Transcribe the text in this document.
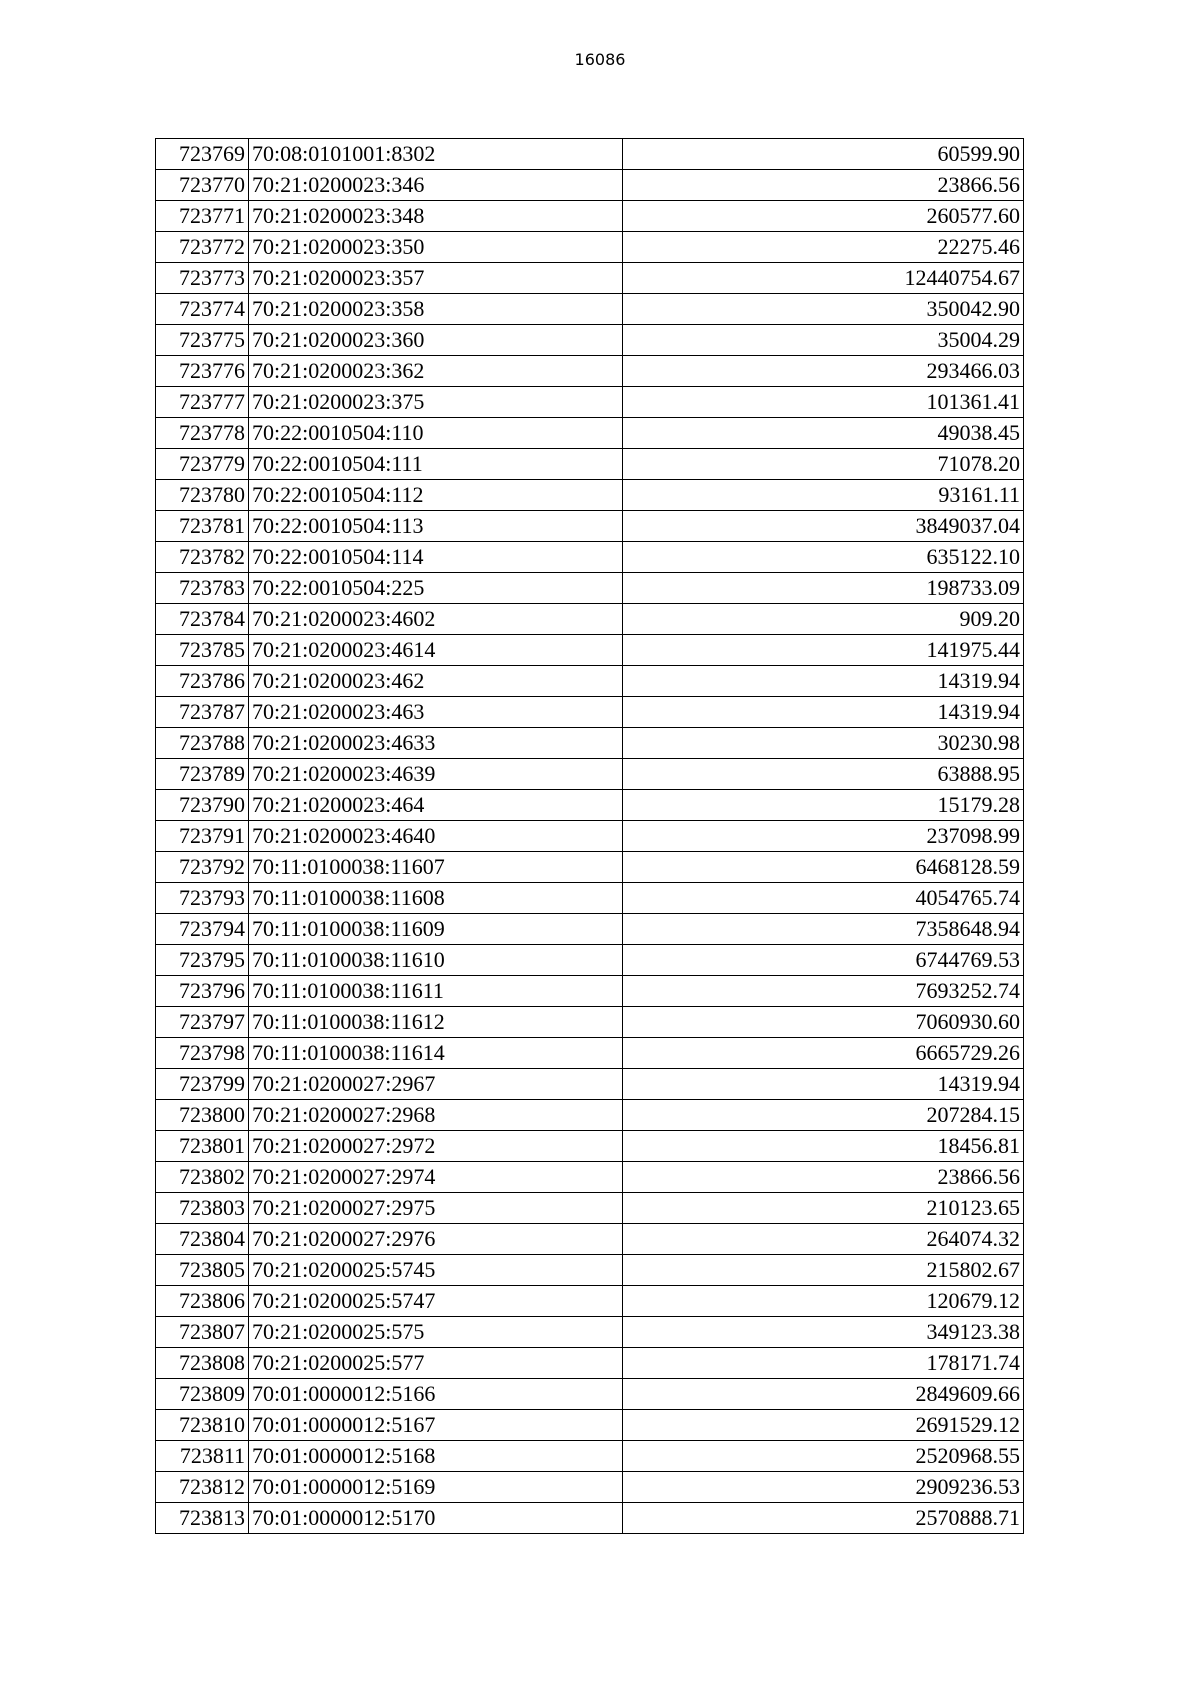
16086
723769	70:08:0101001:8302	60599.90
723770	70:21:0200023:346	23866.56
723771	70:21:0200023:348	260577.60
723772	70:21:0200023:350	22275.46
723773	70:21:0200023:357	12440754.67
723774	70:21:0200023:358	350042.90
723775	70:21:0200023:360	35004.29
723776	70:21:0200023:362	293466.03
723777	70:21:0200023:375	101361.41
723778	70:22:0010504:110	49038.45
723779	70:22:0010504:111	71078.20
723780	70:22:0010504:112	93161.11
723781	70:22:0010504:113	3849037.04
723782	70:22:0010504:114	635122.10
723783	70:22:0010504:225	198733.09
723784	70:21:0200023:4602	909.20
723785	70:21:0200023:4614	141975.44
723786	70:21:0200023:462	14319.94
723787	70:21:0200023:463	14319.94
723788	70:21:0200023:4633	30230.98
723789	70:21:0200023:4639	63888.95
723790	70:21:0200023:464	15179.28
723791	70:21:0200023:4640	237098.99
723792	70:11:0100038:11607	6468128.59
723793	70:11:0100038:11608	4054765.74
723794	70:11:0100038:11609	7358648.94
723795	70:11:0100038:11610	6744769.53
723796	70:11:0100038:11611	7693252.74
723797	70:11:0100038:11612	7060930.60
723798	70:11:0100038:11614	6665729.26
723799	70:21:0200027:2967	14319.94
723800	70:21:0200027:2968	207284.15
723801	70:21:0200027:2972	18456.81
723802	70:21:0200027:2974	23866.56
723803	70:21:0200027:2975	210123.65
723804	70:21:0200027:2976	264074.32
723805	70:21:0200025:5745	215802.67
723806	70:21:0200025:5747	120679.12
723807	70:21:0200025:575	349123.38
723808	70:21:0200025:577	178171.74
723809	70:01:0000012:5166	2849609.66
723810	70:01:0000012:5167	2691529.12
723811	70:01:0000012:5168	2520968.55
723812	70:01:0000012:5169	2909236.53
723813	70:01:0000012:5170	2570888.71
